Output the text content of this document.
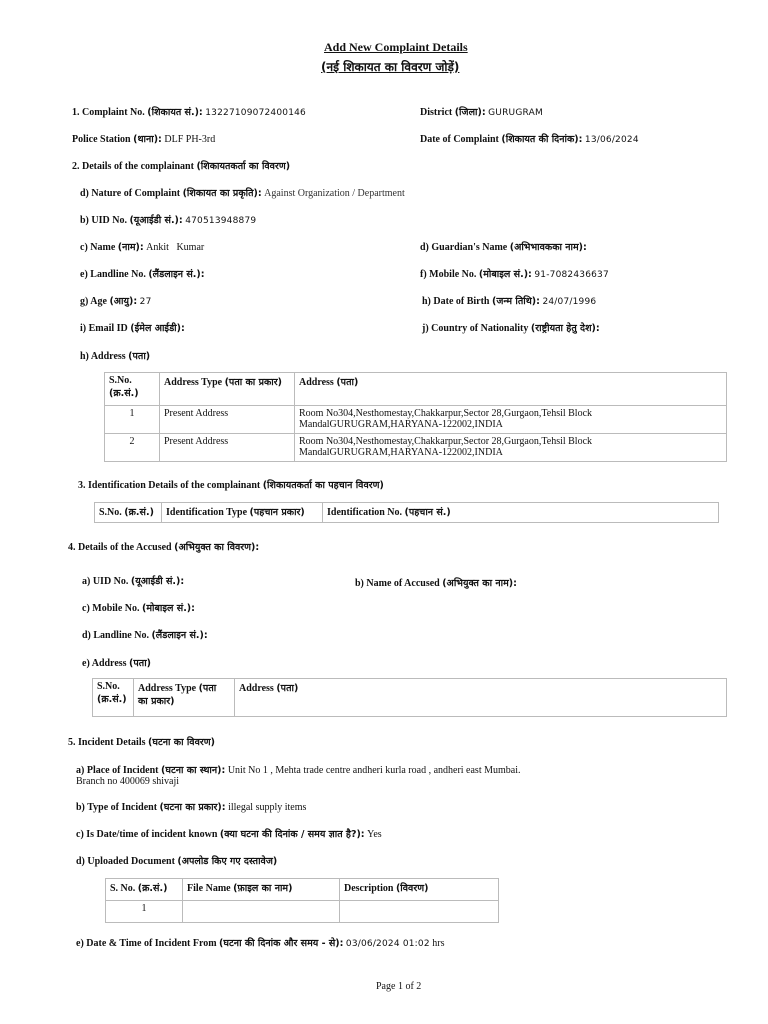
Add New Complaint Details
(नई शिकायत का विवरण जोड़ें)
1. Complaint No. (शिकायत सं.): 13227109072400146	District (जिला): GURUGRAM
Police Station (थाना): DLF PH-3rd	Date of Complaint (शिकायत की दिनांक): 13/06/2024
2. Details of the complainant (शिकायतकर्ता का विवरण)
d) Nature of Complaint (शिकायत का प्रकृति): Against Organization / Department
b) UID No. (यूआईडी सं.): 470513948879
c) Name (नाम): Ankit   Kumar	d) Guardian's Name (अभिभावकका नाम):
e) Landline No. (लैंडलाइन सं.):	f) Mobile No. (मोबाइल सं.): 91-7082436637
g) Age (आयु): 27	h) Date of Birth (जन्म तिथि): 24/07/1996
i) Email ID (ईमेल आईडी):	j) Country of Nationality (राष्ट्रीयता हेतु देश):
h) Address (पता)
S.No.
(क्र.सं.)	Address Type (पता का प्रकार)	Address (पता)
1	Present Address	Room No304,Nesthomestay,Chakkarpur,Sector 28,Gurgaon,Tehsil Block
MandalGURUGRAM,HARYANA-122002,INDIA
2	Present Address	Room No304,Nesthomestay,Chakkarpur,Sector 28,Gurgaon,Tehsil Block
MandalGURUGRAM,HARYANA-122002,INDIA
3. Identification Details of the complainant (शिकायतकर्ता का पहचान विवरण)
S.No. (क्र.सं.)	Identification Type (पहचान प्रकार)	Identification No. (पहचान सं.)
4. Details of the Accused (अभियुक्त का विवरण):
a) UID No. (यूआईडी सं.):	b) Name of Accused (अभियुक्त का नाम):
c) Mobile No. (मोबाइल सं.):
d) Landline No. (लैंडलाइन सं.):
e) Address (पता)
S.No.
(क्र.सं.)	Address Type (पता
का प्रकार)	Address (पता)
5. Incident Details (घटना का विवरण)
a) Place of Incident (घटना का स्थान): Unit No 1 , Mehta trade centre andheri kurla road , andheri east Mumbai.
Branch no 400069 shivaji
b) Type of Incident (घटना का प्रकार): illegal supply items
c) Is Date/time of incident known (क्या घटना की दिनांक / समय ज्ञात है?): Yes
d) Uploaded Document (अपलोड किए गए दस्तावेज)
S. No. (क्र.सं.)	File Name (फ़ाइल का नाम)	Description (विवरण)
1		
e) Date & Time of Incident From (घटना की दिनांक और समय - से): 03/06/2024 01:02 hrs
Page 1 of 2
